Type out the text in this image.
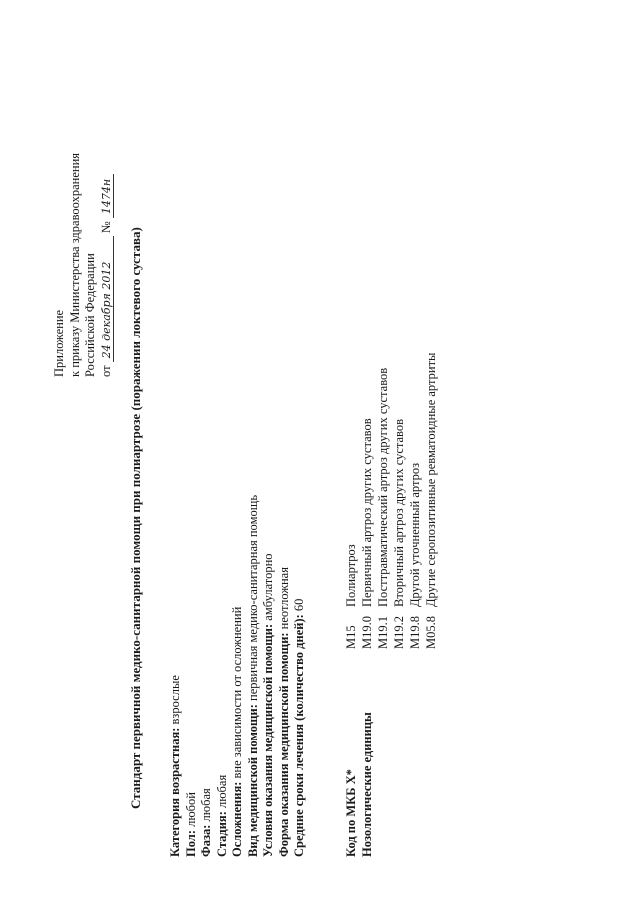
Приложение к приказу Министерства здравоохранения Российской Федерации от 24 декабря 2012 № 1474н
Стандарт первичной медико-санитарной помощи при полиартрозе (поражении локтевого сустава) Категория возрастная: взрослые
Пол: любой
Фаза: любая
Стадия: любая Осложнения: вне зависимости от осложнений Вид медицинской помощи: первичная медико-санитарная помощь
Условия оказания медицинской помощи: амбулаторно
Форма оказания медицинской помощи: неотложная
Средние сроки лечения (количество дней): 60
Код по МКБ X*M15Полиартроз
Нозологические единицыM19.0Первичный артроз других суставов
M19.1Посттравматический артроз других суставов
M19.2Вторичный артроз других суставов
M19.8Другой уточненный артроз
M05.8Другие серопозитивные ревматоидные артриты
